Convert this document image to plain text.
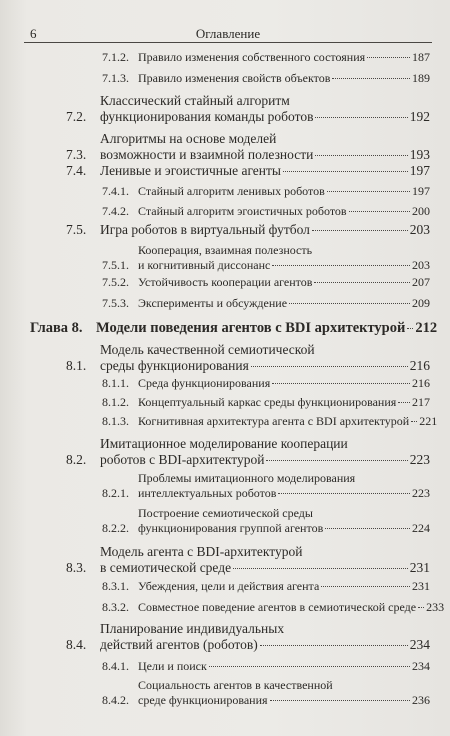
6	Оглавление
7.1.2. Правило изменения собственного состояния	187
7.1.3. Правило изменения свойств объектов	189
7.2.
Классический стайный алгоритм
функционирования команды роботов	192
7.3.
Алгоритмы на основе моделей
возможности и взаимной полезности	193
7.4.	Ленивые и эгоистичные агенты	197
7.4.1. Стайный алгоритм ленивых роботов	197
7.4.2. Стайный алгоритм эгоистичных роботов	200
7.5.	Игра роботов в виртуальный футбол	203
7.5.1.
Кооперация, взаимная полезность
и когнитивный диссонанс	203
7.5.2. Устойчивость кооперации агентов	207
7.5.3. Эксперименты и обсуждение	209
Глава 8. Модели поведения агентов с BDI архитектурой 212
8.1.
Модель качественной семиотической
среды функционирования	216
8.1.1. Среда функционирования	216
8.1.2. Концептуальный каркас среды функционирования 217
8.1.3. Когнитивная архитектура агента с BDI архитектурой 221
8.2.
Имитационное моделирование кооперации
роботов с BDI-архитектурой	223
8.2.1.
Проблемы имитационного моделирования
интеллектуальных роботов	223
8.2.2.
Построение семиотической среды
функционирования группой агентов	224
8.3.
Модель агента с BDI-архитектурой
в семиотической среде	231
8.3.1. Убеждения, цели и действия агента	231
8.3.2. Совместное поведение агентов в семиотической среде 233
8.4.
Планирование индивидуальных
действий агентов (роботов)	234
8.4.1. Цели и поиск	234
8.4.2.
Социальность агентов в качественной
среде функционирования	236
